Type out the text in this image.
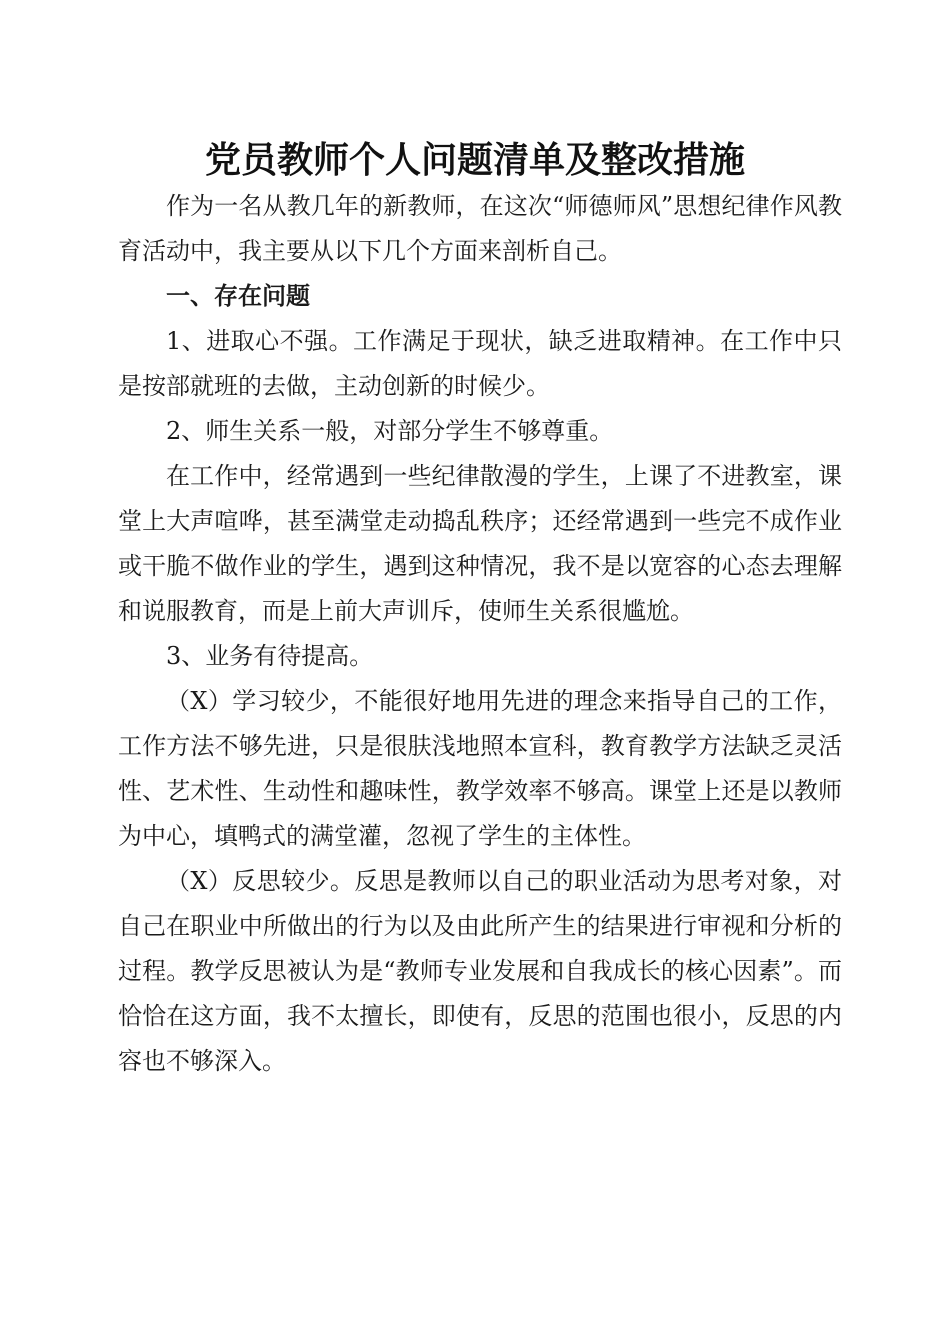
党员教师个人问题清单及整改措施

作为一名从教几年的新教师，在这次“师德师风”思想纪律作风教育活动中，我主要从以下几个方面来剖析自己。

一、存在问题

1、进取心不强。工作满足于现状，缺乏进取精神。在工作中只是按部就班的去做，主动创新的时候少。

2、师生关系一般，对部分学生不够尊重。

在工作中，经常遇到一些纪律散漫的学生，上课了不进教室，课堂上大声喧哗，甚至满堂走动捣乱秩序；还经常遇到一些完不成作业或干脆不做作业的学生，遇到这种情况，我不是以宽容的心态去理解和说服教育，而是上前大声训斥，使师生关系很尴尬。

3、业务有待提高。

（X）学习较少，不能很好地用先进的理念来指导自己的工作，工作方法不够先进，只是很肤浅地照本宣科，教育教学方法缺乏灵活性、艺术性、生动性和趣味性，教学效率不够高。课堂上还是以教师为中心，填鸭式的满堂灌，忽视了学生的主体性。

（X）反思较少。反思是教师以自己的职业活动为思考对象，对自己在职业中所做出的行为以及由此所产生的结果进行审视和分析的过程。教学反思被认为是“教师专业发展和自我成长的核心因素”。而恰恰在这方面，我不太擅长，即使有，反思的范围也很小，反思的内容也不够深入。
